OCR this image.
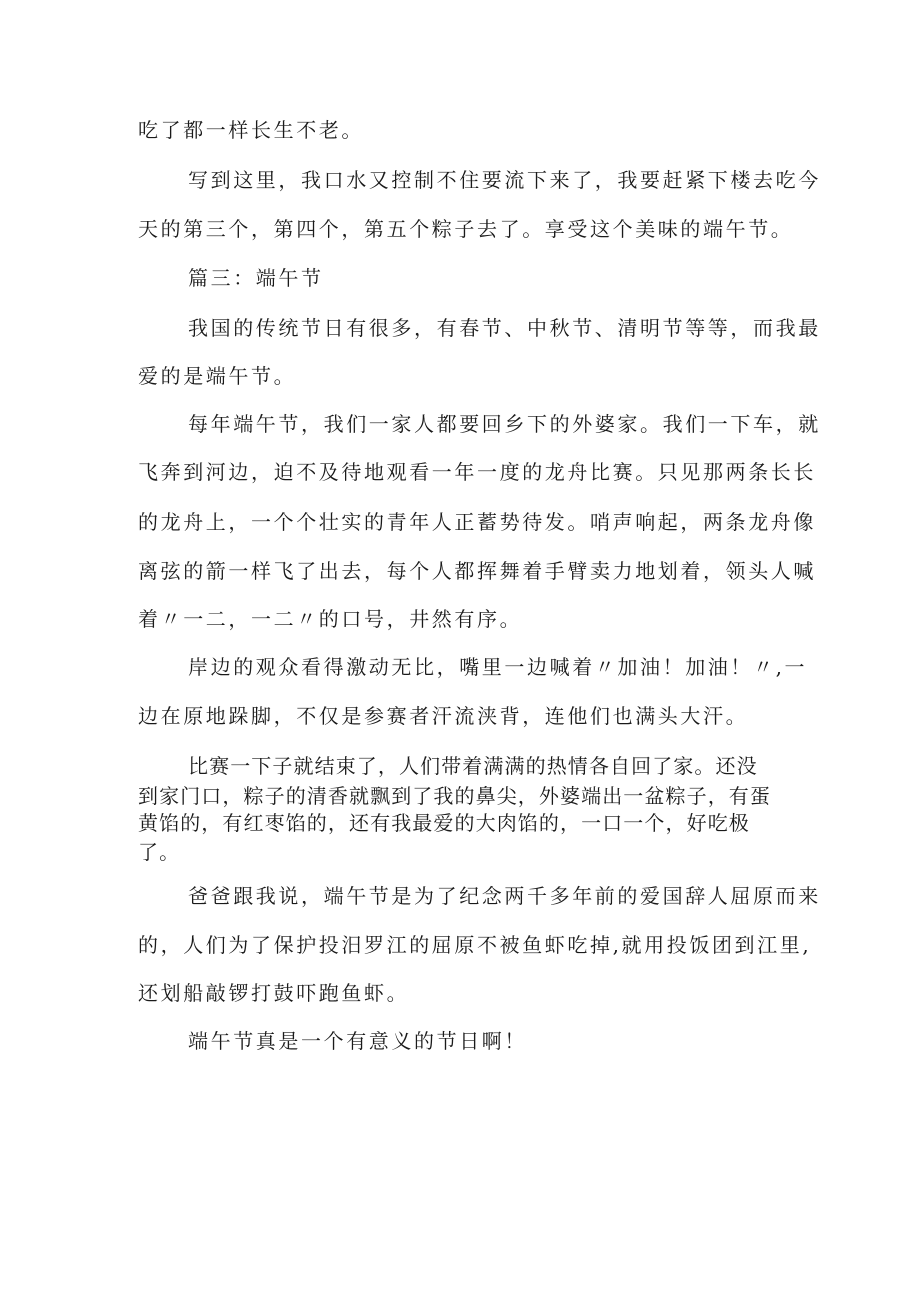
吃了都一样长生不老。
写到这里，我口水又控制不住要流下来了，我要赶紧下楼去吃今
天的第三个，第四个，第五个粽子去了。享受这个美味的端午节。
篇三：端午节
我国的传统节日有很多，有春节、中秋节、清明节等等，而我最
爱的是端午节。
每年端午节，我们一家人都要回乡下的外婆家。我们一下车，就
飞奔到河边，迫不及待地观看一年一度的龙舟比赛。只见那两条长长
的龙舟上，一个个壮实的青年人正蓄势待发。哨声响起，两条龙舟像
离弦的箭一样飞了出去，每个人都挥舞着手臂卖力地划着，领头人喊
着〃一二，一二〃的口号，井然有序。
岸边的观众看得激动无比，嘴里一边喊着〃加油！加油！〃,一
边在原地跺脚，不仅是参赛者汗流浃背，连他们也满头大汗。
比赛一下子就结束了，人们带着满满的热情各自回了家。还没
到家门口，粽子的清香就飘到了我的鼻尖，外婆端出一盆粽子，有蛋
黄馅的，有红枣馅的，还有我最爱的大肉馅的，一口一个，好吃极
了。
爸爸跟我说，端午节是为了纪念两千多年前的爱国辞人屈原而来
的，人们为了保护投汨罗江的屈原不被鱼虾吃掉,就用投饭团到江里,
还划船敲锣打鼓吓跑鱼虾。
端午节真是一个有意义的节日啊！
